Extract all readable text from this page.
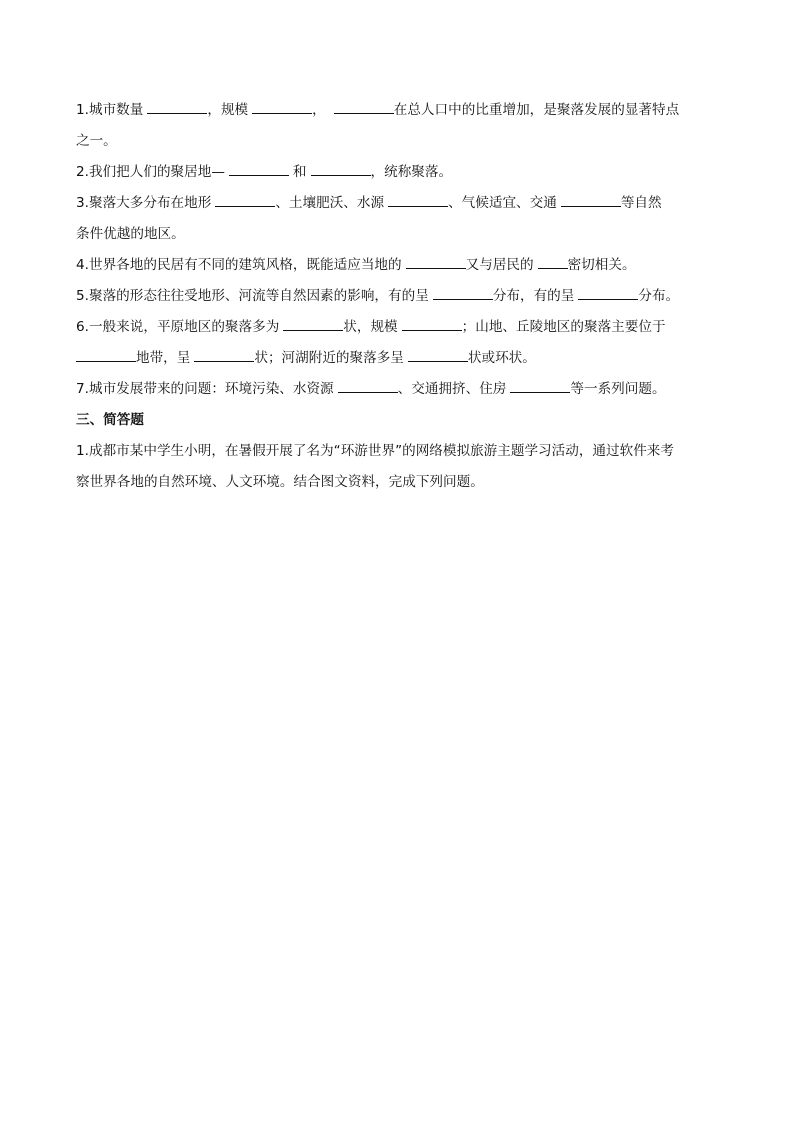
1.城市数量	，规模	，	在总人口中的比重增加，是聚落发展的显著特点
之一。
2.我们把人们的聚居地—	和	，统称聚落。
3.聚落大多分布在地形	、土壤肥沃、水源	、气候适宜、交通	等自然
条件优越的地区。
4.世界各地的民居有不同的建筑风格，既能适应当地的	又与居民的	密切相关。
5.聚落的形态往往受地形、河流等自然因素的影响，有的呈	分布，有的呈	分布。
6.一般来说，平原地区的聚落多为	状，规模	；山地、丘陵地区的聚落主要位于
地带，呈	状；河湖附近的聚落多呈	状或环状。
7.城市发展带来的问题：环境污染、水资源	、交通拥挤、住房	等一系列问题。
三、简答题
1.成都市某中学生小明，在暑假开展了名为“环游世界”的网络模拟旅游主题学习活动，通过软件来考
察世界各地的自然环境、人文环境。结合图文资料，完成下列问题。
